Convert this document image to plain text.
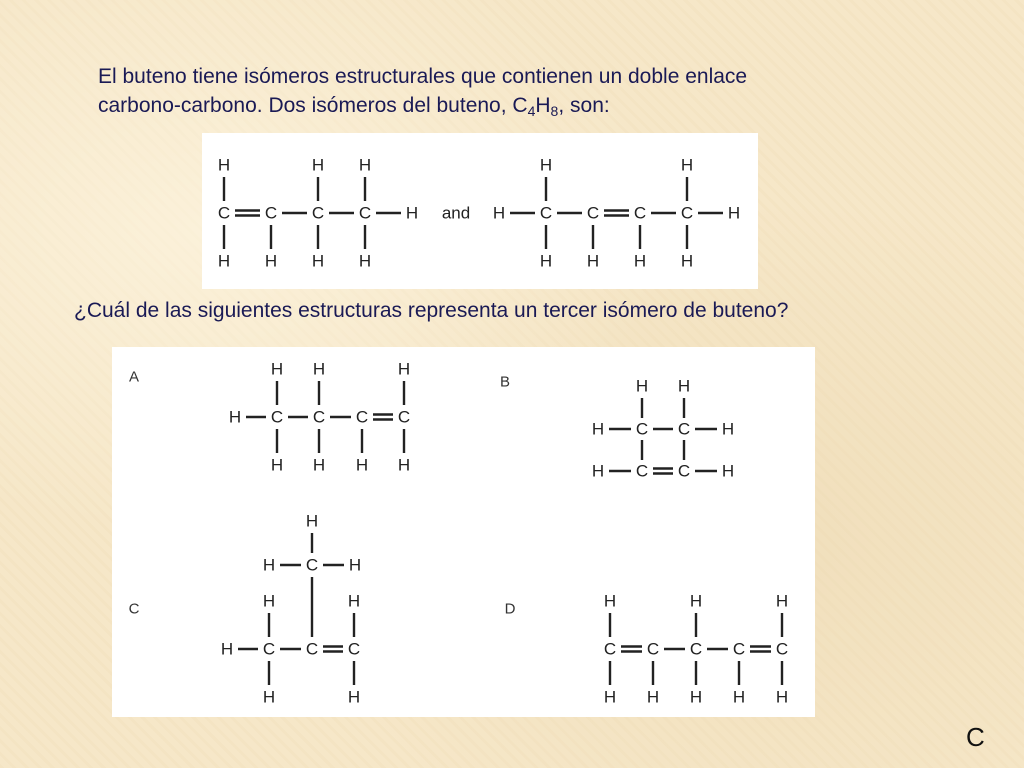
El buteno tiene isómeros estructurales que contienen un doble enlace
carbono-carbono. Dos isómeros del buteno, $C_4H_8$, son:

C
H
H
C
H
C
H
H
C
H
H
H and	C
H
H
C
H
C
H
C
H
H
H	H

¿Cuál de las siguientes estructuras representa un tercer isómero de buteno?

A	B
C	D
C
H
H
C
H
H
C
H
C
H
H
H
C C
C C
H H
H	H
H	H
C
H
H
C C
H
H
H
C
H
H	H
C
H
H
C
H
C
H
H
C
H
C
H
H
C
